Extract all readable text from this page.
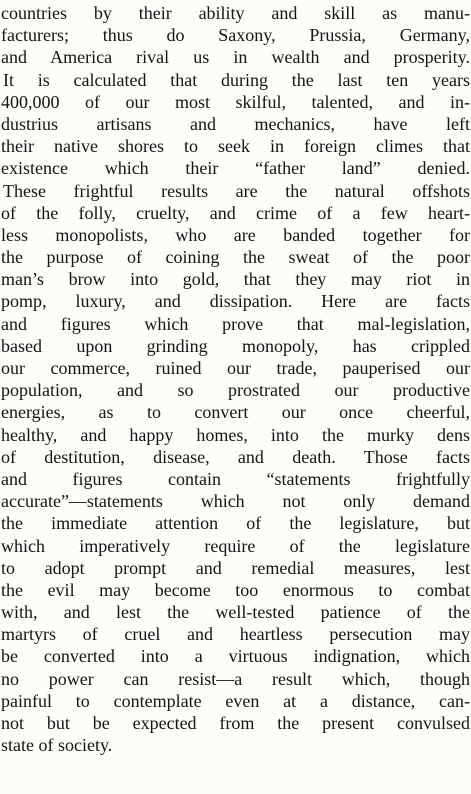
countries by their ability and skill as manu-
facturers; thus do Saxony, Prussia, Germany,
and America rival us in wealth and prosperity.
It is calculated that during the last ten years
400,000 of our most skilful, talented, and in-
dustrius artisans and mechanics, have left
their native shores to seek in foreign climes that
existence which their “father land” denied.
These frightful results are the natural offshots
of the folly, cruelty, and crime of a few heart-
less monopolists, who are banded together for
the purpose of coining the sweat of the poor
man’s brow into gold, that they may riot in
pomp, luxury, and dissipation. Here are facts
and figures which prove that mal-legislation,
based upon grinding monopoly, has crippled
our commerce, ruined our trade, pauperised our
population, and so prostrated our productive
energies, as to convert our once cheerful,
healthy, and happy homes, into the murky dens
of destitution, disease, and death. Those facts
and figures contain “statements frightfully
accurate”—statements which not only demand
the immediate attention of the legislature, but
which imperatively require of the legislature
to adopt prompt and remedial measures, lest
the evil may become too enormous to combat
with, and lest the well-tested patience of the
martyrs of cruel and heartless persecution may
be converted into a virtuous indignation, which
no power can resist—a result which, though
painful to contemplate even at a distance, can-
not but be expected from the present convulsed
state of society.
